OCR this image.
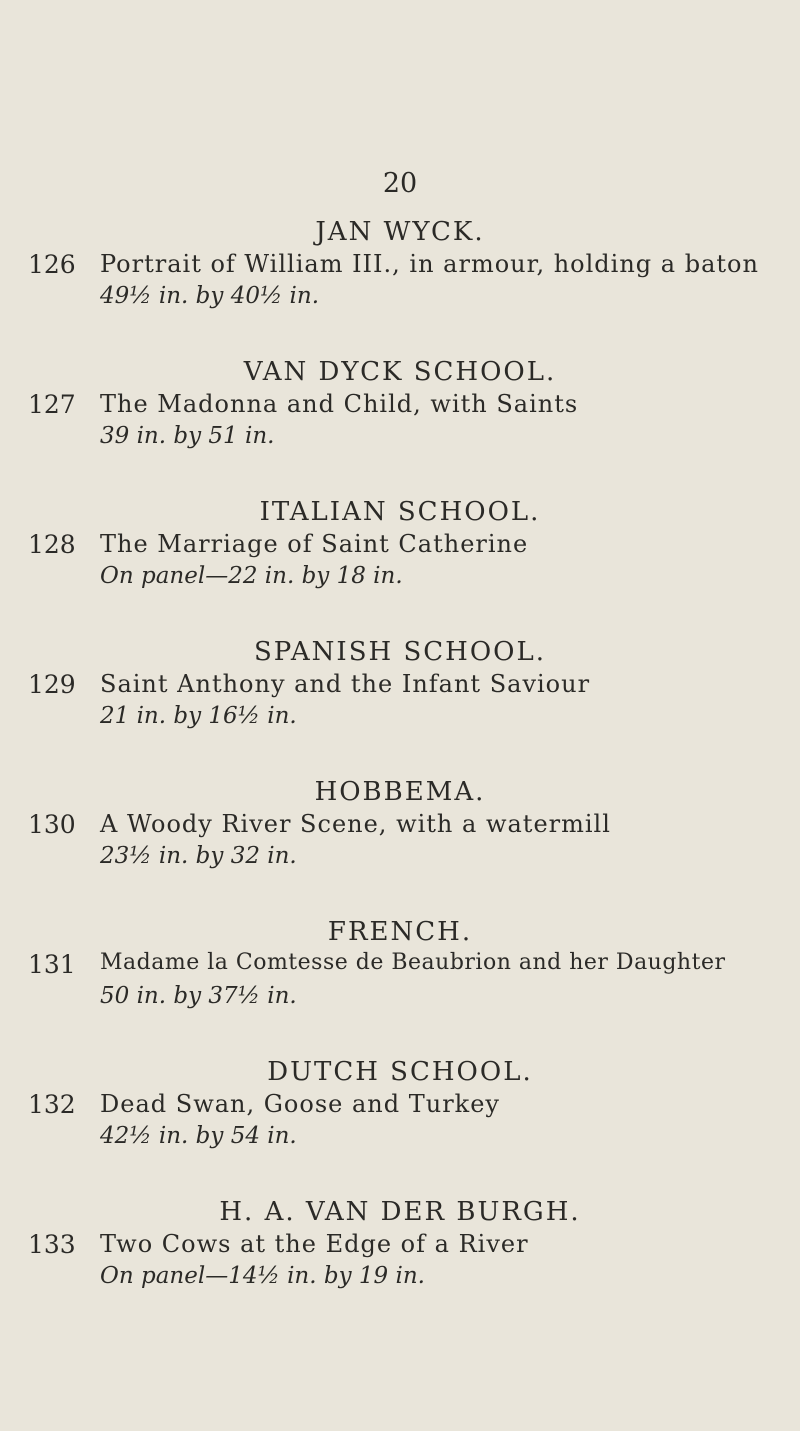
20
JAN WYCK.
126 Portrait of William III., in armour, holding a baton
49½ in. by 40½ in.
VAN DYCK SCHOOL.
127 The Madonna and Child, with Saints
39 in. by 51 in.
ITALIAN SCHOOL.
128 The Marriage of Saint Catherine
On panel—22 in. by 18 in.
SPANISH SCHOOL.
129 Saint Anthony and the Infant Saviour
21 in. by 16½ in.
HOBBEMA.
130 A Woody River Scene, with a watermill
23½ in. by 32 in.
FRENCH.
131 Madame la Comtesse de Beaubrion and her Daughter
50 in. by 37½ in.
DUTCH SCHOOL.
132 Dead Swan, Goose and Turkey
42½ in. by 54 in.
H. A. VAN DER BURGH.
133 Two Cows at the Edge of a River
On panel—14½ in. by 19 in.
